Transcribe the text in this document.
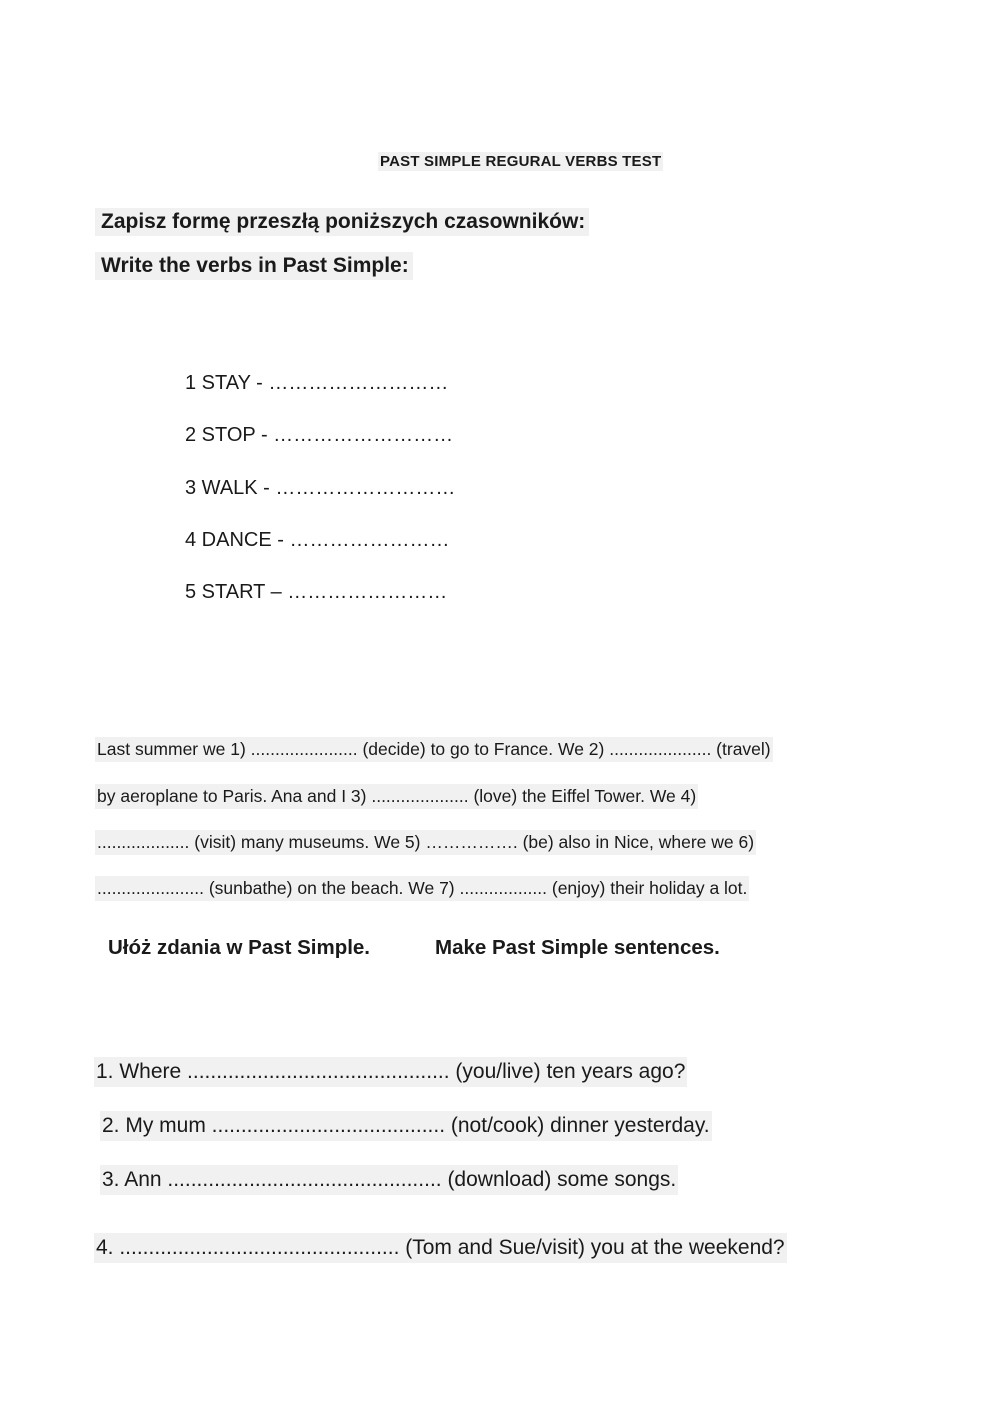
PAST SIMPLE REGURAL VERBS TEST
Zapisz formę przeszłą poniższych czasowników:
Write the verbs in Past Simple:
1 STAY - ………………………
2 STOP - ………………………
3 WALK - ………………………
4 DANCE - ……………………
5 START – ……………………
Last summer we 1) ...................... (decide) to go to France. We 2) ..................... (travel)
by aeroplane to Paris. Ana and I 3) .................... (love) the Eiffel Tower. We 4)
................... (visit) many museums. We 5) ……………. (be) also in Nice, where we 6)
...................... (sunbathe) on the beach. We 7) .................. (enjoy) their holiday a lot.
Ułóż zdania w Past Simple.	Make Past Simple sentences.
1. Where ............................................. (you/live) ten years ago?
2. My mum ........................................ (not/cook) dinner yesterday.
3. Ann ............................................... (download) some songs.
4. ................................................ (Tom and Sue/visit) you at the weekend?
